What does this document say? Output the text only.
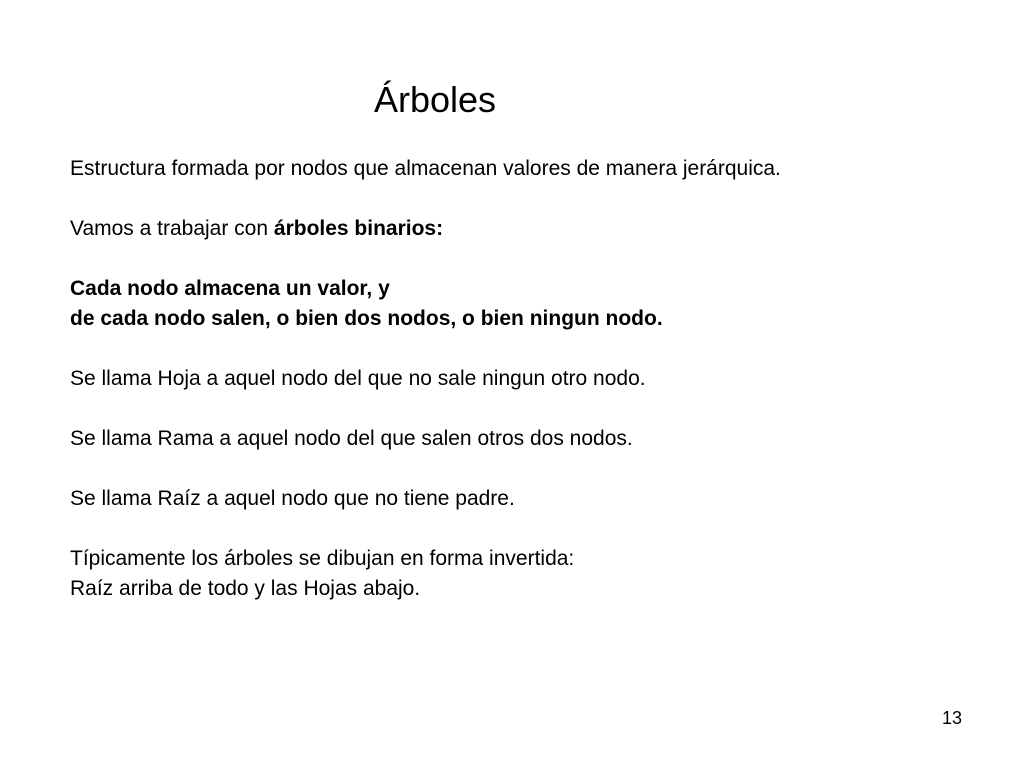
Árboles
Estructura formada por nodos que almacenan valores de manera jerárquica.
Vamos a trabajar con árboles binarios:
Cada nodo almacena un valor, y
de cada nodo salen, o bien dos nodos, o bien ningun nodo.
Se llama Hoja a aquel nodo del que no sale ningun otro nodo.
Se llama Rama a aquel nodo del que salen otros dos nodos.
Se llama Raíz a aquel nodo que no tiene padre.
Típicamente los árboles se dibujan en forma invertida:
Raíz arriba de todo y las Hojas abajo.
13
